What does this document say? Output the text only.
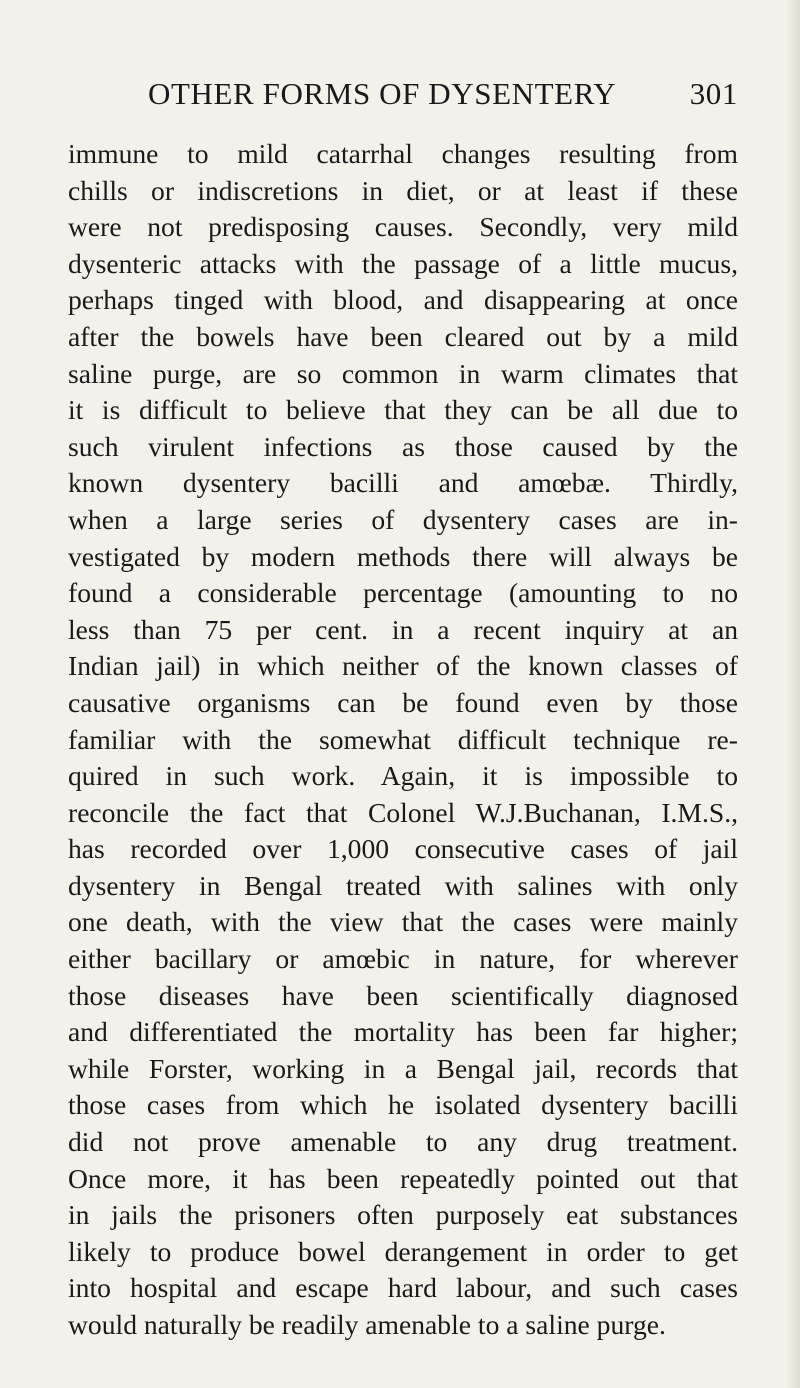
OTHER FORMS OF DYSENTERY 301
immune to mild catarrhal changes resulting from
chills or indiscretions in diet, or at least if these
were not predisposing causes. Secondly, very mild
dysenteric attacks with the passage of a little mucus,
perhaps tinged with blood, and disappearing at once
after the bowels have been cleared out by a mild
saline purge, are so common in warm climates that
it is difficult to believe that they can be all due to
such virulent infections as those caused by the
known dysentery bacilli and amœbæ. Thirdly,
when a large series of dysentery cases are in-
vestigated by modern methods there will always be
found a considerable percentage (amounting to no
less than 75 per cent. in a recent inquiry at an
Indian jail) in which neither of the known classes of
causative organisms can be found even by those
familiar with the somewhat difficult technique re-
quired in such work. Again, it is impossible to
reconcile the fact that Colonel W.J.Buchanan, I.M.S.,
has recorded over 1,000 consecutive cases of jail
dysentery in Bengal treated with salines with only
one death, with the view that the cases were mainly
either bacillary or amœbic in nature, for wherever
those diseases have been scientifically diagnosed
and differentiated the mortality has been far higher;
while Forster, working in a Bengal jail, records that
those cases from which he isolated dysentery bacilli
did not prove amenable to any drug treatment.
Once more, it has been repeatedly pointed out that
in jails the prisoners often purposely eat substances
likely to produce bowel derangement in order to get
into hospital and escape hard labour, and such cases
would naturally be readily amenable to a saline purge.
